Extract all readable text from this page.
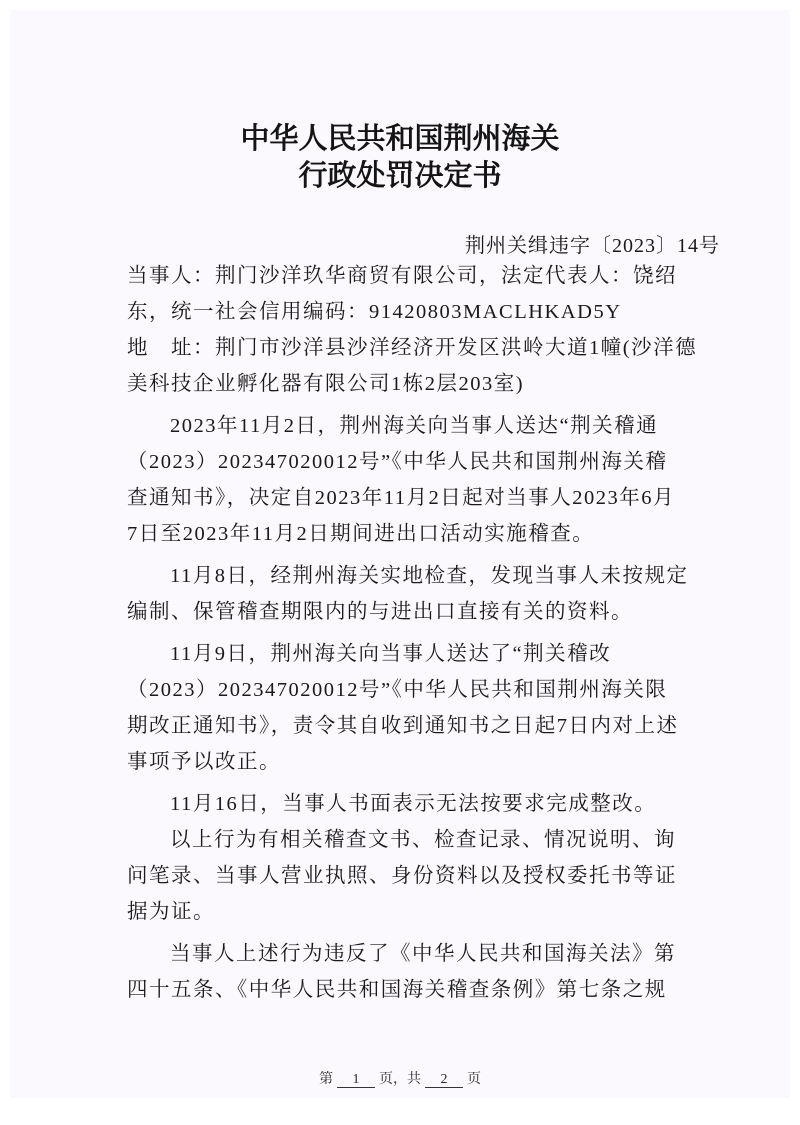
中华人民共和国荆州海关
行政处罚决定书
荆州关缉违字〔2023〕14号
当事人：荆门沙洋玖华商贸有限公司，法定代表人：饶绍
东，统一社会信用编码：91420803MACLHKAD5Y
地　址：荆门市沙洋县沙洋经济开发区洪岭大道1幢(沙洋德
美科技企业孵化器有限公司1栋2层203室)
2023年11月2日，荆州海关向当事人送达“荆关稽通
（2023）202347020012号”《中华人民共和国荆州海关稽
查通知书》，决定自2023年11月2日起对当事人2023年6月
7日至2023年11月2日期间进出口活动实施稽查。
11月8日，经荆州海关实地检查，发现当事人未按规定
编制、保管稽查期限内的与进出口直接有关的资料。
11月9日，荆州海关向当事人送达了“荆关稽改
（2023）202347020012号”《中华人民共和国荆州海关限
期改正通知书》，责令其自收到通知书之日起7日内对上述
事项予以改正。
11月16日，当事人书面表示无法按要求完成整改。
以上行为有相关稽查文书、检查记录、情况说明、询
问笔录、当事人营业执照、身份资料以及授权委托书等证
据为证。
当事人上述行为违反了《中华人民共和国海关法》第
四十五条、《中华人民共和国海关稽查条例》第七条之规
第 1 页，共 2 页
